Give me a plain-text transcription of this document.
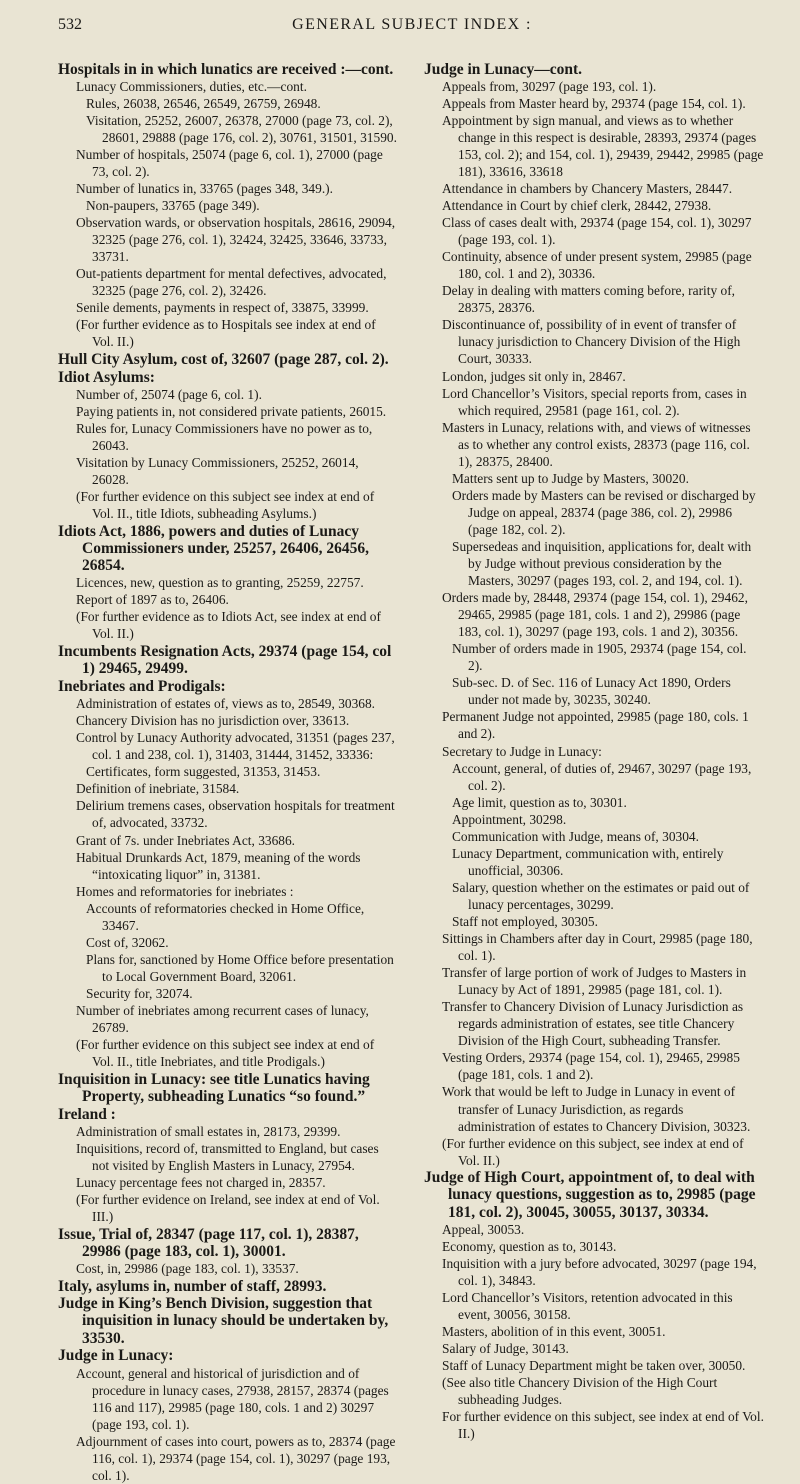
532	GENERAL SUBJECT INDEX :
Hospitals in in which lunatics are received :—cont.
Lunacy Commissioners, duties, etc.—cont.
Rules, 26038, 26546, 26549, 26759, 26948.
Visitation, 25252, 26007, 26378, 27000 (page 73, col. 2), 28601, 29888 (page 176, col. 2), 30761, 31501, 31590.
Number of hospitals, 25074 (page 6, col. 1), 27000 (page 73, col. 2).
Number of lunatics in, 33765 (pages 348, 349.).
Non-paupers, 33765 (page 349).
Observation wards, or observation hospitals, 28616, 29094, 32325 (page 276, col. 1), 32424, 32425, 33646, 33733, 33731.
Out-patients department for mental defectives, advocated, 32325 (page 276, col. 2), 32426.
Senile dements, payments in respect of, 33875, 33999.
(For further evidence as to Hospitals see index at end of Vol. II.)
Hull City Asylum, cost of, 32607 (page 287, col. 2).
Idiot Asylums:
Number of, 25074 (page 6, col. 1).
Paying patients in, not considered private patients, 26015.
Rules for, Lunacy Commissioners have no power as to, 26043.
Visitation by Lunacy Commissioners, 25252, 26014, 26028.
(For further evidence on this subject see index at end of Vol. II., title Idiots, subheading Asylums.)
Idiots Act, 1886, powers and duties of Lunacy Commissioners under, 25257, 26406, 26456, 26854.
Licences, new, question as to granting, 25259, 22757.
Report of 1897 as to, 26406.
(For further evidence as to Idiots Act, see index at end of Vol. II.)
Incumbents Resignation Acts, 29374 (page 154, col 1) 29465, 29499.
Inebriates and Prodigals:
Administration of estates of, views as to, 28549, 30368.
Chancery Division has no jurisdiction over, 33613.
Control by Lunacy Authority advocated, 31351 (pages 237, col. 1 and 238, col. 1), 31403, 31444, 31452, 33336:
Certificates, form suggested, 31353, 31453.
Definition of inebriate, 31584.
Delirium tremens cases, observation hospitals for treatment of, advocated, 33732.
Grant of 7s. under Inebriates Act, 33686.
Habitual Drunkards Act, 1879, meaning of the words “intoxicating liquor” in, 31381.
Homes and reformatories for inebriates :
Accounts of reformatories checked in Home Office, 33467.
Cost of, 32062.
Plans for, sanctioned by Home Office before presentation to Local Government Board, 32061.
Security for, 32074.
Number of inebriates among recurrent cases of lunacy, 26789.
(For further evidence on this subject see index at end of Vol. II., title Inebriates, and title Prodigals.)
Inquisition in Lunacy: see title Lunatics having Property, subheading Lunatics “so found.”
Ireland :
Administration of small estates in, 28173, 29399.
Inquisitions, record of, transmitted to England, but cases not visited by English Masters in Lunacy, 27954.
Lunacy percentage fees not charged in, 28357.
(For further evidence on Ireland, see index at end of Vol. III.)
Issue, Trial of, 28347 (page 117, col. 1), 28387, 29986 (page 183, col. 1), 30001.
Cost, in, 29986 (page 183, col. 1), 33537.
Italy, asylums in, number of staff, 28993.
Judge in King’s Bench Division, suggestion that inquisition in lunacy should be undertaken by, 33530.
Judge in Lunacy:
Account, general and historical of jurisdiction and of procedure in lunacy cases, 27938, 28157, 28374 (pages 116 and 117), 29985 (page 180, cols. 1 and 2) 30297 (page 193, col. 1).
Adjournment of cases into court, powers as to, 28374 (page 116, col. 1), 29374 (page 154, col. 1), 30297 (page 193, col. 1).
Judge in Lunacy—cont.
Appeals from, 30297 (page 193, col. 1).
Appeals from Master heard by, 29374 (page 154, col. 1).
Appointment by sign manual, and views as to whether change in this respect is desirable, 28393, 29374 (pages 153, col. 2); and 154, col. 1), 29439, 29442, 29985 (page 181), 33616, 33618
Attendance in chambers by Chancery Masters, 28447.
Attendance in Court by chief clerk, 28442, 27938.
Class of cases dealt with, 29374 (page 154, col. 1), 30297 (page 193, col. 1).
Continuity, absence of under present system, 29985 (page 180, col. 1 and 2), 30336.
Delay in dealing with matters coming before, rarity of, 28375, 28376.
Discontinuance of, possibility of in event of transfer of lunacy jurisdiction to Chancery Division of the High Court, 30333.
London, judges sit only in, 28467.
Lord Chancellor’s Visitors, special reports from, cases in which required, 29581 (page 161, col. 2).
Masters in Lunacy, relations with, and views of witnesses as to whether any control exists, 28373 (page 116, col. 1), 28375, 28400.
Matters sent up to Judge by Masters, 30020.
Orders made by Masters can be revised or discharged by Judge on appeal, 28374 (page 386, col. 2), 29986 (page 182, col. 2).
Supersedeas and inquisition, applications for, dealt with by Judge without previous consideration by the Masters, 30297 (pages 193, col. 2, and 194, col. 1).
Orders made by, 28448, 29374 (page 154, col. 1), 29462, 29465, 29985 (page 181, cols. 1 and 2), 29986 (page 183, col. 1), 30297 (page 193, cols. 1 and 2), 30356.
Number of orders made in 1905, 29374 (page 154, col. 2).
Sub-sec. D. of Sec. 116 of Lunacy Act 1890, Orders under not made by, 30235, 30240.
Permanent Judge not appointed, 29985 (page 180, cols. 1 and 2).
Secretary to Judge in Lunacy:
Account, general, of duties of, 29467, 30297 (page 193, col. 2).
Age limit, question as to, 30301.
Appointment, 30298.
Communication with Judge, means of, 30304.
Lunacy Department, communication with, entirely unofficial, 30306.
Salary, question whether on the estimates or paid out of lunacy percentages, 30299.
Staff not employed, 30305.
Sittings in Chambers after day in Court, 29985 (page 180, col. 1).
Transfer of large portion of work of Judges to Masters in Lunacy by Act of 1891, 29985 (page 181, col. 1).
Transfer to Chancery Division of Lunacy Jurisdiction as regards administration of estates, see title Chancery Division of the High Court, subheading Transfer.
Vesting Orders, 29374 (page 154, col. 1), 29465, 29985 (page 181, cols. 1 and 2).
Work that would be left to Judge in Lunacy in event of transfer of Lunacy Jurisdiction, as regards administration of estates to Chancery Division, 30323.
(For further evidence on this subject, see index at end of Vol. II.)
Judge of High Court, appointment of, to deal with lunacy questions, suggestion as to, 29985 (page 181, col. 2), 30045, 30055, 30137, 30334.
Appeal, 30053.
Economy, question as to, 30143.
Inquisition with a jury before advocated, 30297 (page 194, col. 1), 34843.
Lord Chancellor’s Visitors, retention advocated in this event, 30056, 30158.
Masters, abolition of in this event, 30051.
Salary of Judge, 30143.
Staff of Lunacy Department might be taken over, 30050.
(See also title Chancery Division of the High Court subheading Judges.
For further evidence on this subject, see index at end of Vol. II.)
